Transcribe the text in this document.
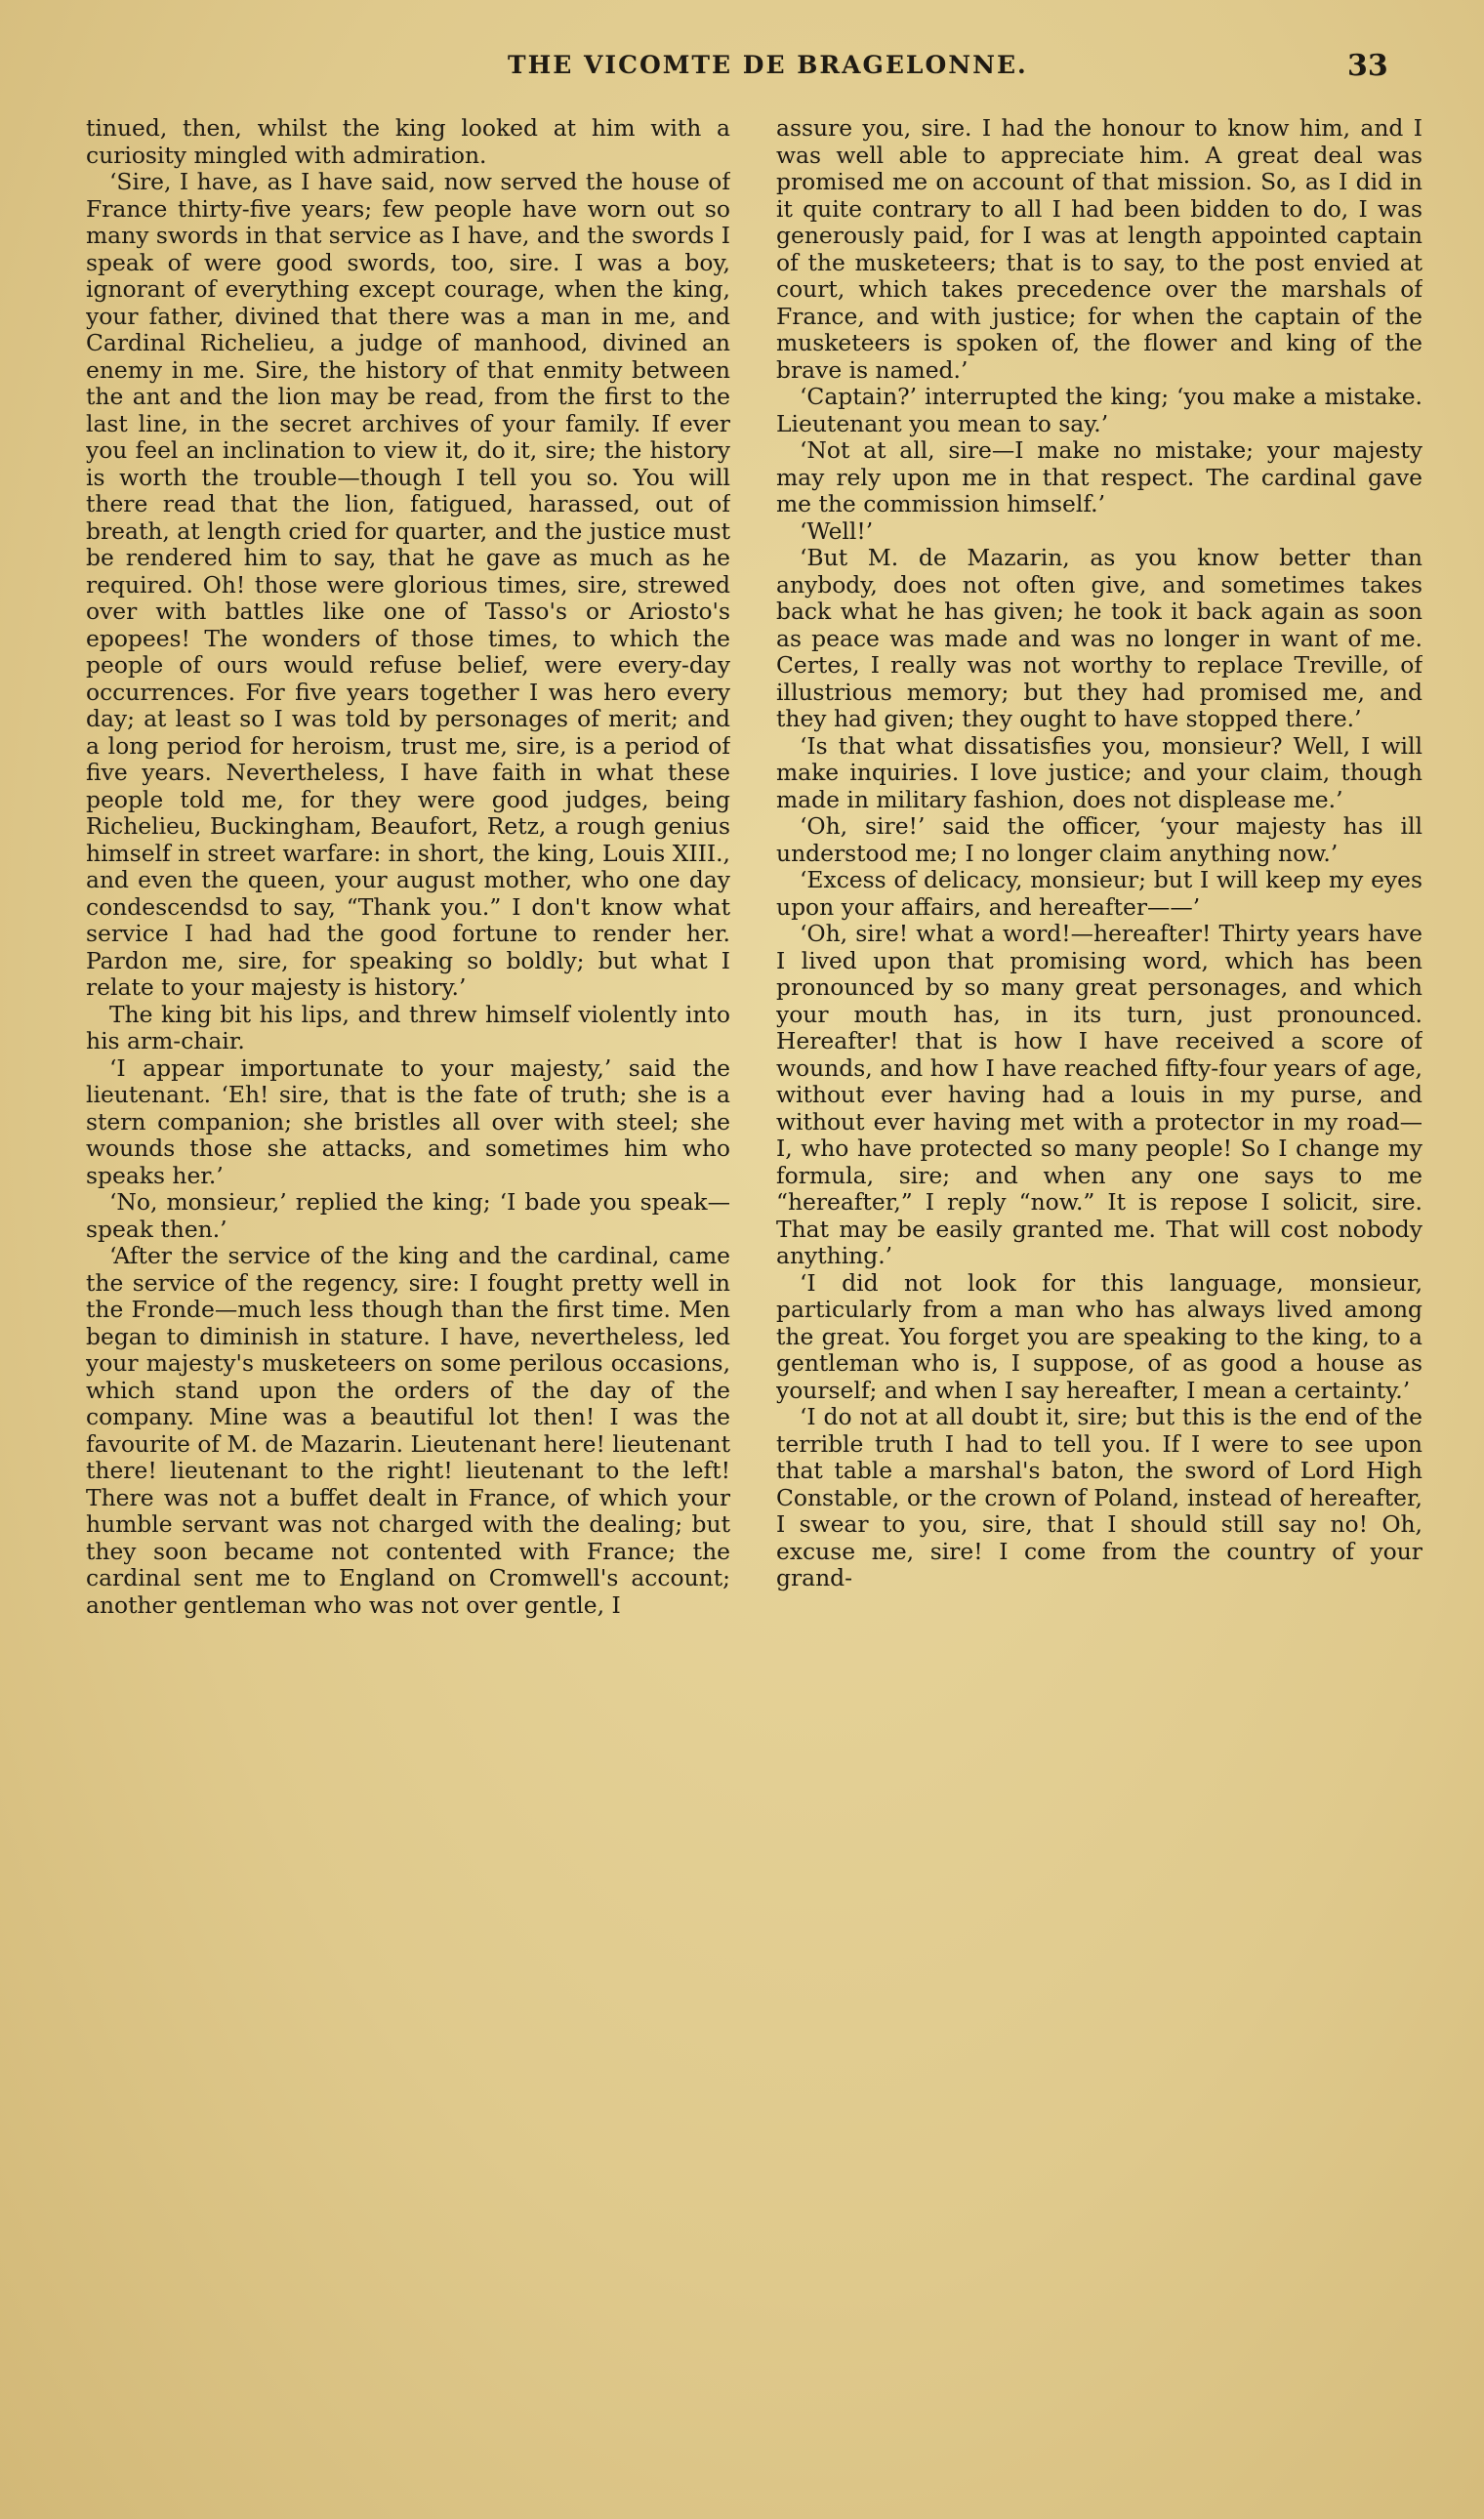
THE VICOMTE DE BRAGELONNE.	33

tinued, then, whilst the king looked at him with a curiosity mingled with admiration.

‘Sire, I have, as I have said, now served the house of France thirty-five years; few people have worn out so many swords in that service as I have, and the swords I speak of were good swords, too, sire. I was a boy, ignorant of everything except courage, when the king, your father, divined that there was a man in me, and Cardinal Richelieu, a judge of manhood, divined an enemy in me. Sire, the history of that enmity between the ant and the lion may be read, from the first to the last line, in the secret archives of your family. If ever you feel an inclination to view it, do it, sire; the history is worth the trouble—though I tell you so. You will there read that the lion, fatigued, harassed, out of breath, at length cried for quarter, and the justice must be rendered him to say, that he gave as much as he required. Oh! those were glorious times, sire, strewed over with battles like one of Tasso's or Ariosto's epopees! The wonders of those times, to which the people of ours would refuse belief, were every-day occurrences. For five years together I was hero every day; at least so I was told by personages of merit; and a long period for heroism, trust me, sire, is a period of five years. Nevertheless, I have faith in what these people told me, for they were good judges, being Richelieu, Buckingham, Beaufort, Retz, a rough genius himself in street warfare: in short, the king, Louis XIII., and even the queen, your august mother, who one day condescendsd to say, “Thank you.” I don't know what service I had had the good fortune to render her. Pardon me, sire, for speaking so boldly; but what I relate to your majesty is history.’

The king bit his lips, and threw himself violently into his arm-chair.

‘I appear importunate to your majesty,’ said the lieutenant. ‘Eh! sire, that is the fate of truth; she is a stern companion; she bristles all over with steel; she wounds those she attacks, and sometimes him who speaks her.’

‘No, monsieur,’ replied the king; ‘I bade you speak—speak then.’

‘After the service of the king and the cardinal, came the service of the regency, sire: I fought pretty well in the Fronde—much less though than the first time. Men began to diminish in stature. I have, nevertheless, led your majesty's musketeers on some perilous occasions, which stand upon the orders of the day of the company. Mine was a beautiful lot then! I was the favourite of M. de Mazarin. Lieutenant here! lieutenant there! lieutenant to the right! lieutenant to the left! There was not a buffet dealt in France, of which your humble servant was not charged with the dealing; but they soon became not contented with France; the cardinal sent me to England on Cromwell's account; another gentleman who was not over gentle, I

assure you, sire. I had the honour to know him, and I was well able to appreciate him. A great deal was promised me on account of that mission. So, as I did in it quite contrary to all I had been bidden to do, I was generously paid, for I was at length appointed captain of the musketeers; that is to say, to the post envied at court, which takes precedence over the marshals of France, and with justice; for when the captain of the musketeers is spoken of, the flower and king of the brave is named.’

‘Captain?’ interrupted the king; ‘you make a mistake. Lieutenant you mean to say.’

‘Not at all, sire—I make no mistake; your majesty may rely upon me in that respect. The cardinal gave me the commission himself.’

‘Well!’

‘But M. de Mazarin, as you know better than anybody, does not often give, and sometimes takes back what he has given; he took it back again as soon as peace was made and was no longer in want of me. Certes, I really was not worthy to replace Treville, of illustrious memory; but they had promised me, and they had given; they ought to have stopped there.’

‘Is that what dissatisfies you, monsieur? Well, I will make inquiries. I love justice; and your claim, though made in military fashion, does not displease me.’

‘Oh, sire!’ said the officer, ‘your majesty has ill understood me; I no longer claim anything now.’

‘Excess of delicacy, monsieur; but I will keep my eyes upon your affairs, and hereafter——’

‘Oh, sire! what a word!—hereafter! Thirty years have I lived upon that promising word, which has been pronounced by so many great personages, and which your mouth has, in its turn, just pronounced. Hereafter! that is how I have received a score of wounds, and how I have reached fifty-four years of age, without ever having had a louis in my purse, and without ever having met with a protector in my road—I, who have protected so many people! So I change my formula, sire; and when any one says to me “hereafter,” I reply “now.” It is repose I solicit, sire. That may be easily granted me. That will cost nobody anything.’

‘I did not look for this language, monsieur, particularly from a man who has always lived among the great. You forget you are speaking to the king, to a gentleman who is, I suppose, of as good a house as yourself; and when I say hereafter, I mean a certainty.’

‘I do not at all doubt it, sire; but this is the end of the terrible truth I had to tell you. If I were to see upon that table a marshal's baton, the sword of Lord High Constable, or the crown of Poland, instead of hereafter, I swear to you, sire, that I should still say no! Oh, excuse me, sire! I come from the country of your grand-
